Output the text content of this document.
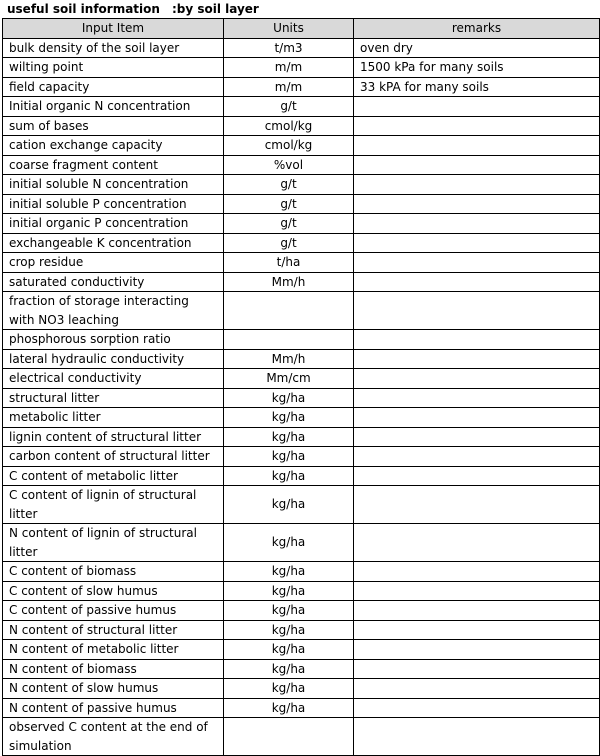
useful soil information　:by soil layer
Input Item	Units	remarks
bulk density of the soil layer	t/m3	oven dry
wilting point	m/m	1500 kPa for many soils
field capacity	m/m	33 kPA for many soils
Initial organic N concentration	g/t	
sum of bases	cmol/kg	
cation exchange capacity	cmol/kg	
coarse fragment content	%vol	
initial soluble N concentration	g/t	
initial soluble P concentration	g/t	
initial organic P concentration	g/t	
exchangeable K concentration	g/t	
crop residue	t/ha	
saturated conductivity	Mm/h	
fraction of storage interacting with NO3 leaching		
phosphorous sorption ratio		
lateral hydraulic conductivity	Mm/h	
electrical conductivity	Mm/cm	
structural litter	kg/ha	
metabolic litter	kg/ha	
lignin content of structural litter	kg/ha	
carbon content of structural litter	kg/ha	
C content of metabolic litter	kg/ha	
C content of lignin of structural litter	kg/ha	
N content of lignin of structural litter	kg/ha	
C content of biomass	kg/ha	
C content of slow humus	kg/ha	
C content of passive humus	kg/ha	
N content of structural litter	kg/ha	
N content of metabolic litter	kg/ha	
N content of biomass	kg/ha	
N content of slow humus	kg/ha	
N content of passive humus	kg/ha	
observed C content at the end of simulation		
